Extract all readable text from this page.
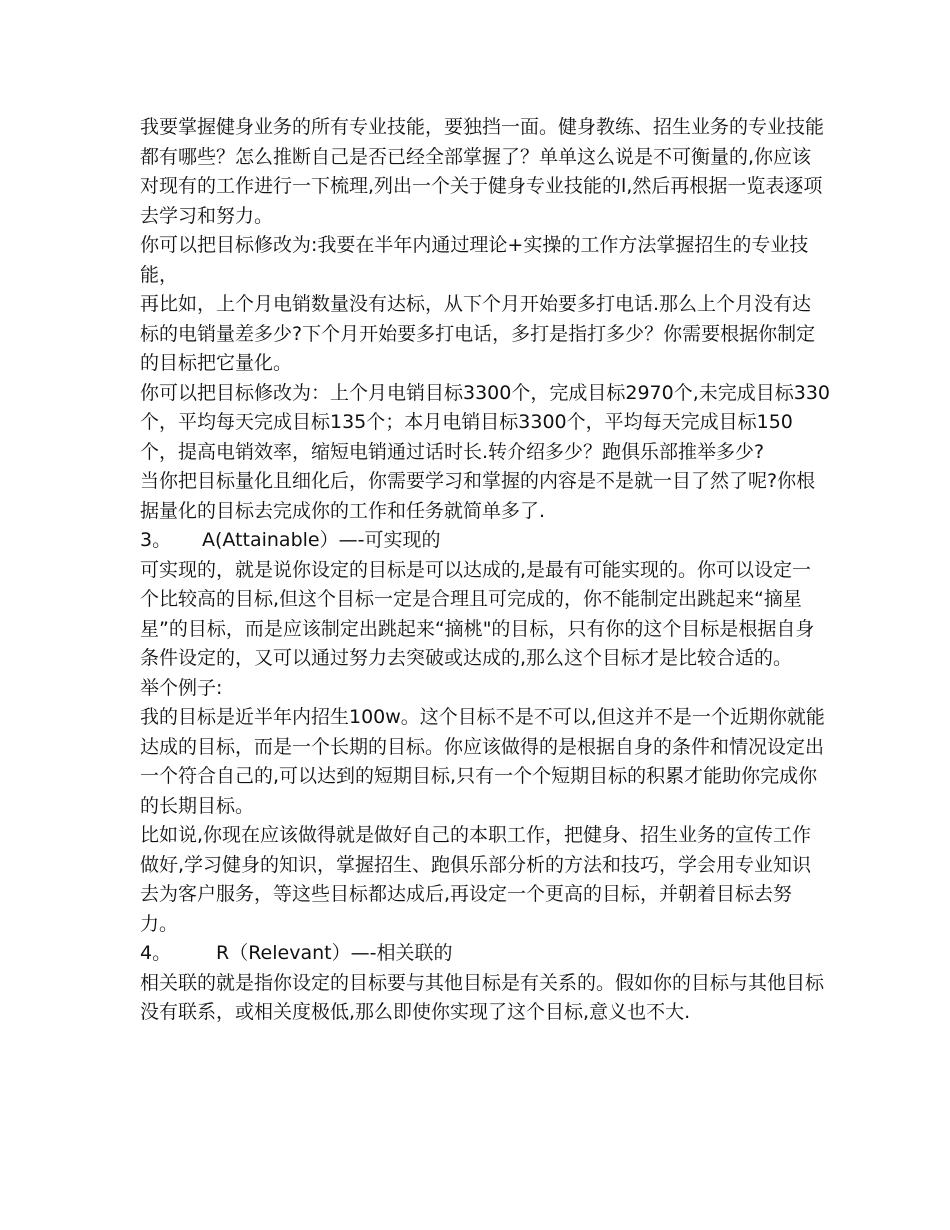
我要掌握健身业务的所有专业技能，要独挡一面。健身教练、招生业务的专业技能都有哪些？怎么推断自己是否已经全部掌握了？单单这么说是不可衡量的,你应该对现有的工作进行一下梳理,列出一个关于健身专业技能的l,然后再根据一览表逐项去学习和努力。

你可以把目标修改为:我要在半年内通过理论+实操的工作方法掌握招生的专业技能，

再比如，上个月电销数量没有达标，从下个月开始要多打电话.那么上个月没有达标的电销量差多少?下个月开始要多打电话，多打是指打多少？你需要根据你制定的目标把它量化。

你可以把目标修改为：上个月电销目标3300个，完成目标2970个,未完成目标330个，平均每天完成目标135个；本月电销目标3300个，平均每天完成目标150个，提高电销效率，缩短电销通过话时长.转介绍多少？跑俱乐部推举多少?

当你把目标量化且细化后，你需要学习和掌握的内容是不是就一目了然了呢?你根据量化的目标去完成你的工作和任务就简单多了.

3。	A(Attainable）—-可实现的

可实现的，就是说你设定的目标是可以达成的,是最有可能实现的。你可以设定一个比较高的目标,但这个目标一定是合理且可完成的，你不能制定出跳起来“摘星星”的目标，而是应该制定出跳起来“摘桃"的目标，只有你的这个目标是根据自身条件设定的，又可以通过努力去突破或达成的,那么这个目标才是比较合适的。

举个例子:

我的目标是近半年内招生100w。这个目标不是不可以,但这并不是一个近期你就能达成的目标，而是一个长期的目标。你应该做得的是根据自身的条件和情况设定出一个符合自己的,可以达到的短期目标,只有一个个短期目标的积累才能助你完成你的长期目标。

比如说,你现在应该做得就是做好自己的本职工作，把健身、招生业务的宣传工作做好,学习健身的知识，掌握招生、跑俱乐部分析的方法和技巧，学会用专业知识去为客户服务，等这些目标都达成后,再设定一个更高的目标，并朝着目标去努力。

4。	R（Relevant）—-相关联的

相关联的就是指你设定的目标要与其他目标是有关系的。假如你的目标与其他目标没有联系，或相关度极低,那么即使你实现了这个目标,意义也不大.
